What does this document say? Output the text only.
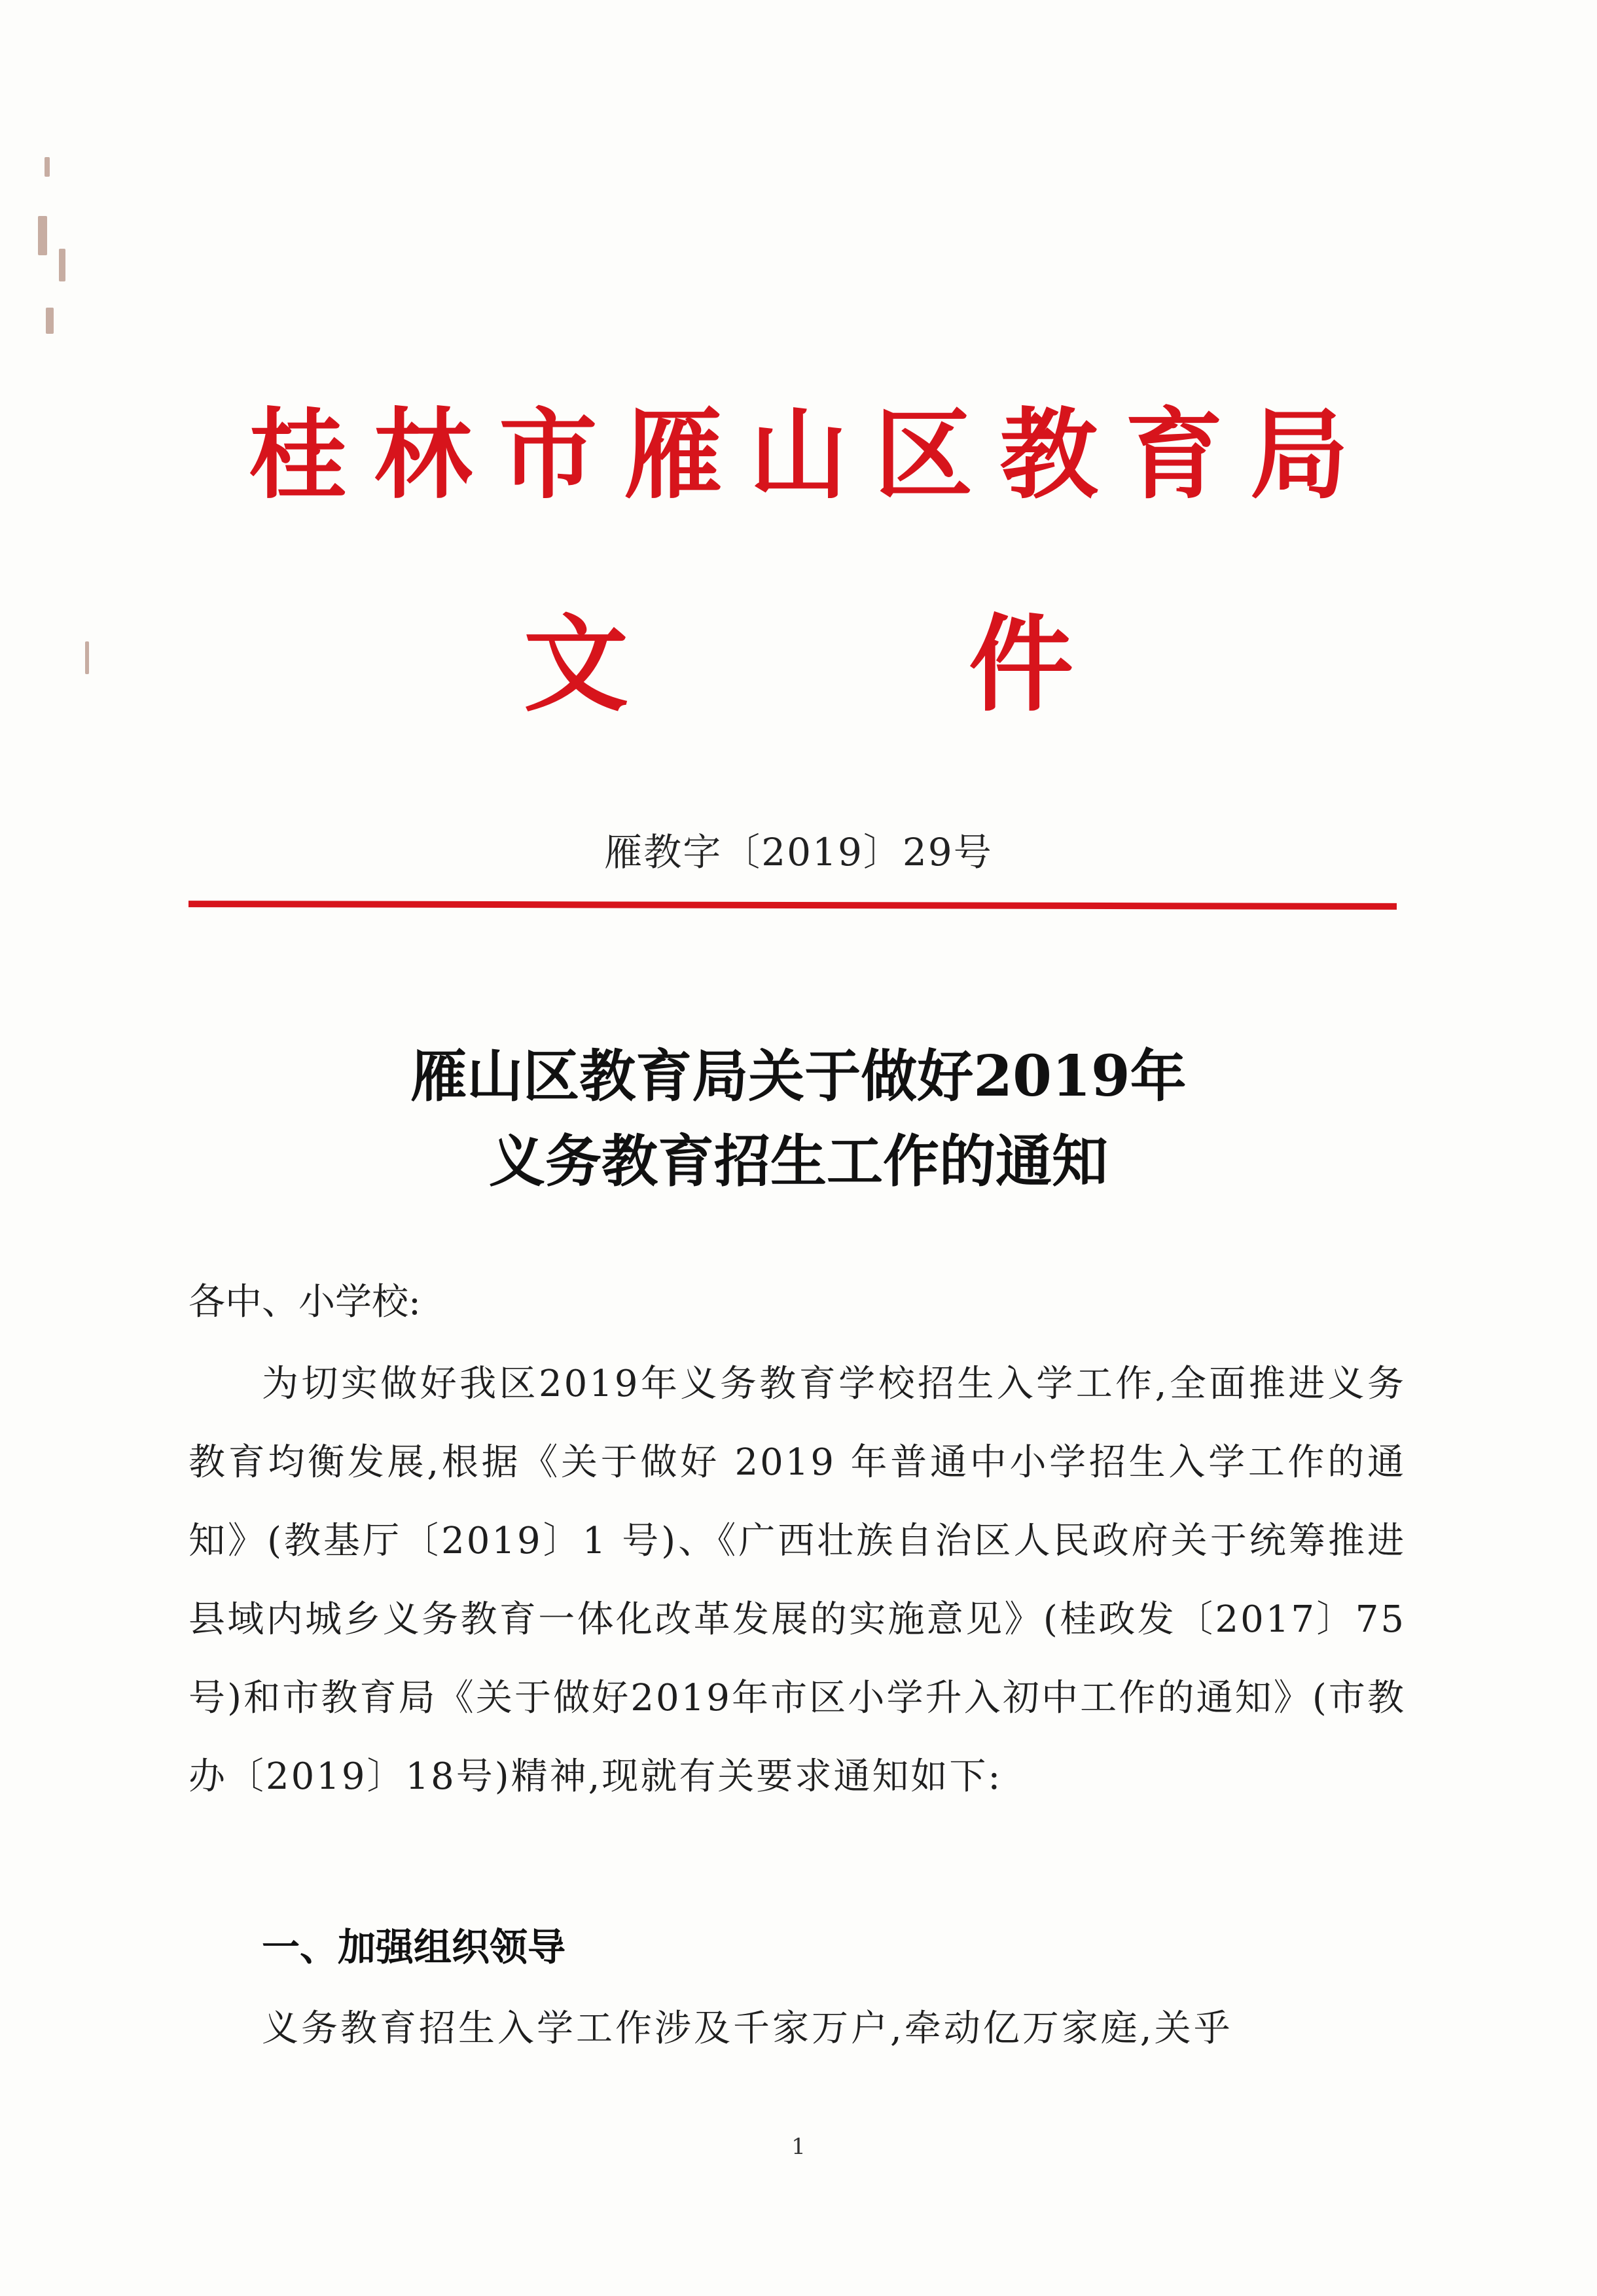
桂林市雁山区教育局
文	件
雁教字〔2019〕29号
雁山区教育局关于做好2019年
义务教育招生工作的通知
各中、小学校:
为切实做好我区2019年义务教育学校招生入学工作,全面推进义务教育均衡发展,根据《关于做好 2019 年普通中小学招生入学工作的通知》(教基厅〔2019〕1 号)、《广西壮族自治区人民政府关于统筹推进县域内城乡义务教育一体化改革发展的实施意见》(桂政发〔2017〕75 号)和市教育局《关于做好2019年市区小学升入初中工作的通知》(市教办〔2019〕18号)精神,现就有关要求通知如下:
一、加强组织领导
义务教育招生入学工作涉及千家万户,牵动亿万家庭,关乎
1
